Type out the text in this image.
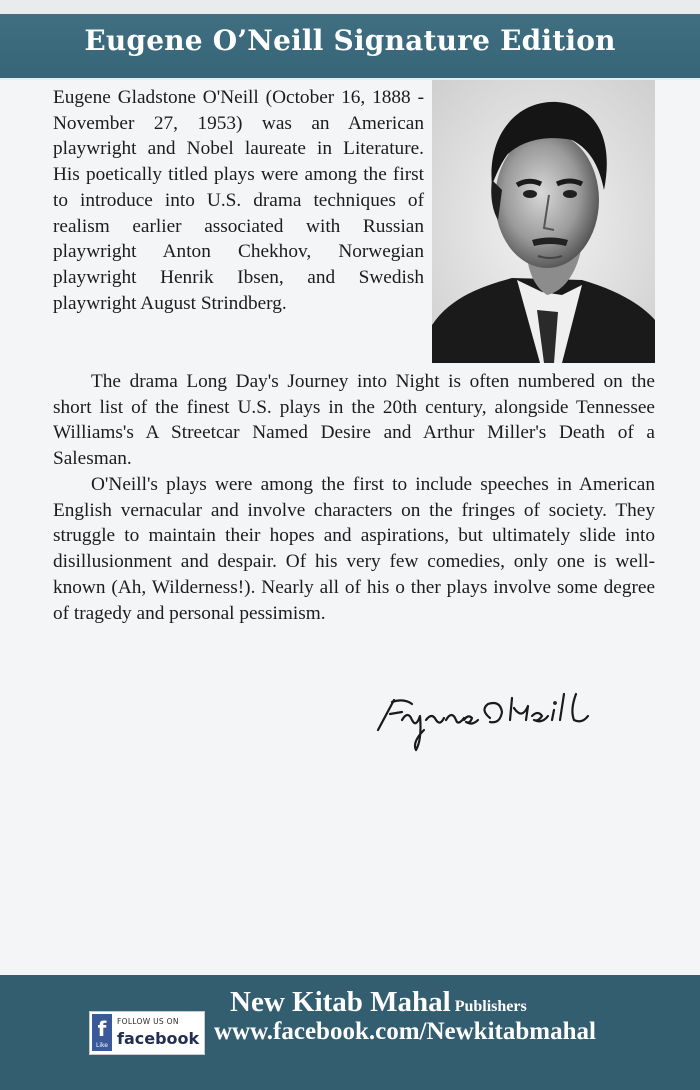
Eugene O’Neill Signature Edition
Eugene Gladstone O'Neill (October 16, 1888 - November 27, 1953) was an American playwright and Nobel laureate in Literature. His poetically titled plays were among the first to introduce into U.S. drama techniques of realism earlier associated with Russian playwright Anton Chekhov, Norwegian playwright Henrik Ibsen, and Swedish playwright August Strindberg.
The drama Long Day's Journey into Night is often numbered on the short list of the finest U.S. plays in the 20th century, alongside Tennessee Williams's A Streetcar Named Desire and Arthur Miller's Death of a Salesman.
O'Neill's plays were among the first to include speeches in American English vernacular and involve characters on the fringes of society. They struggle to maintain their hopes and aspirations, but ultimately slide into disillusionment and despair. Of his very few comedies, only one is well-known (Ah, Wilderness!). Nearly all of his o ther plays involve some degree of tragedy and personal pessimism.
f
Like
FOLLOW US ON
facebook
New Kitab Mahal Publishers
www.facebook.com/Newkitabmahal
